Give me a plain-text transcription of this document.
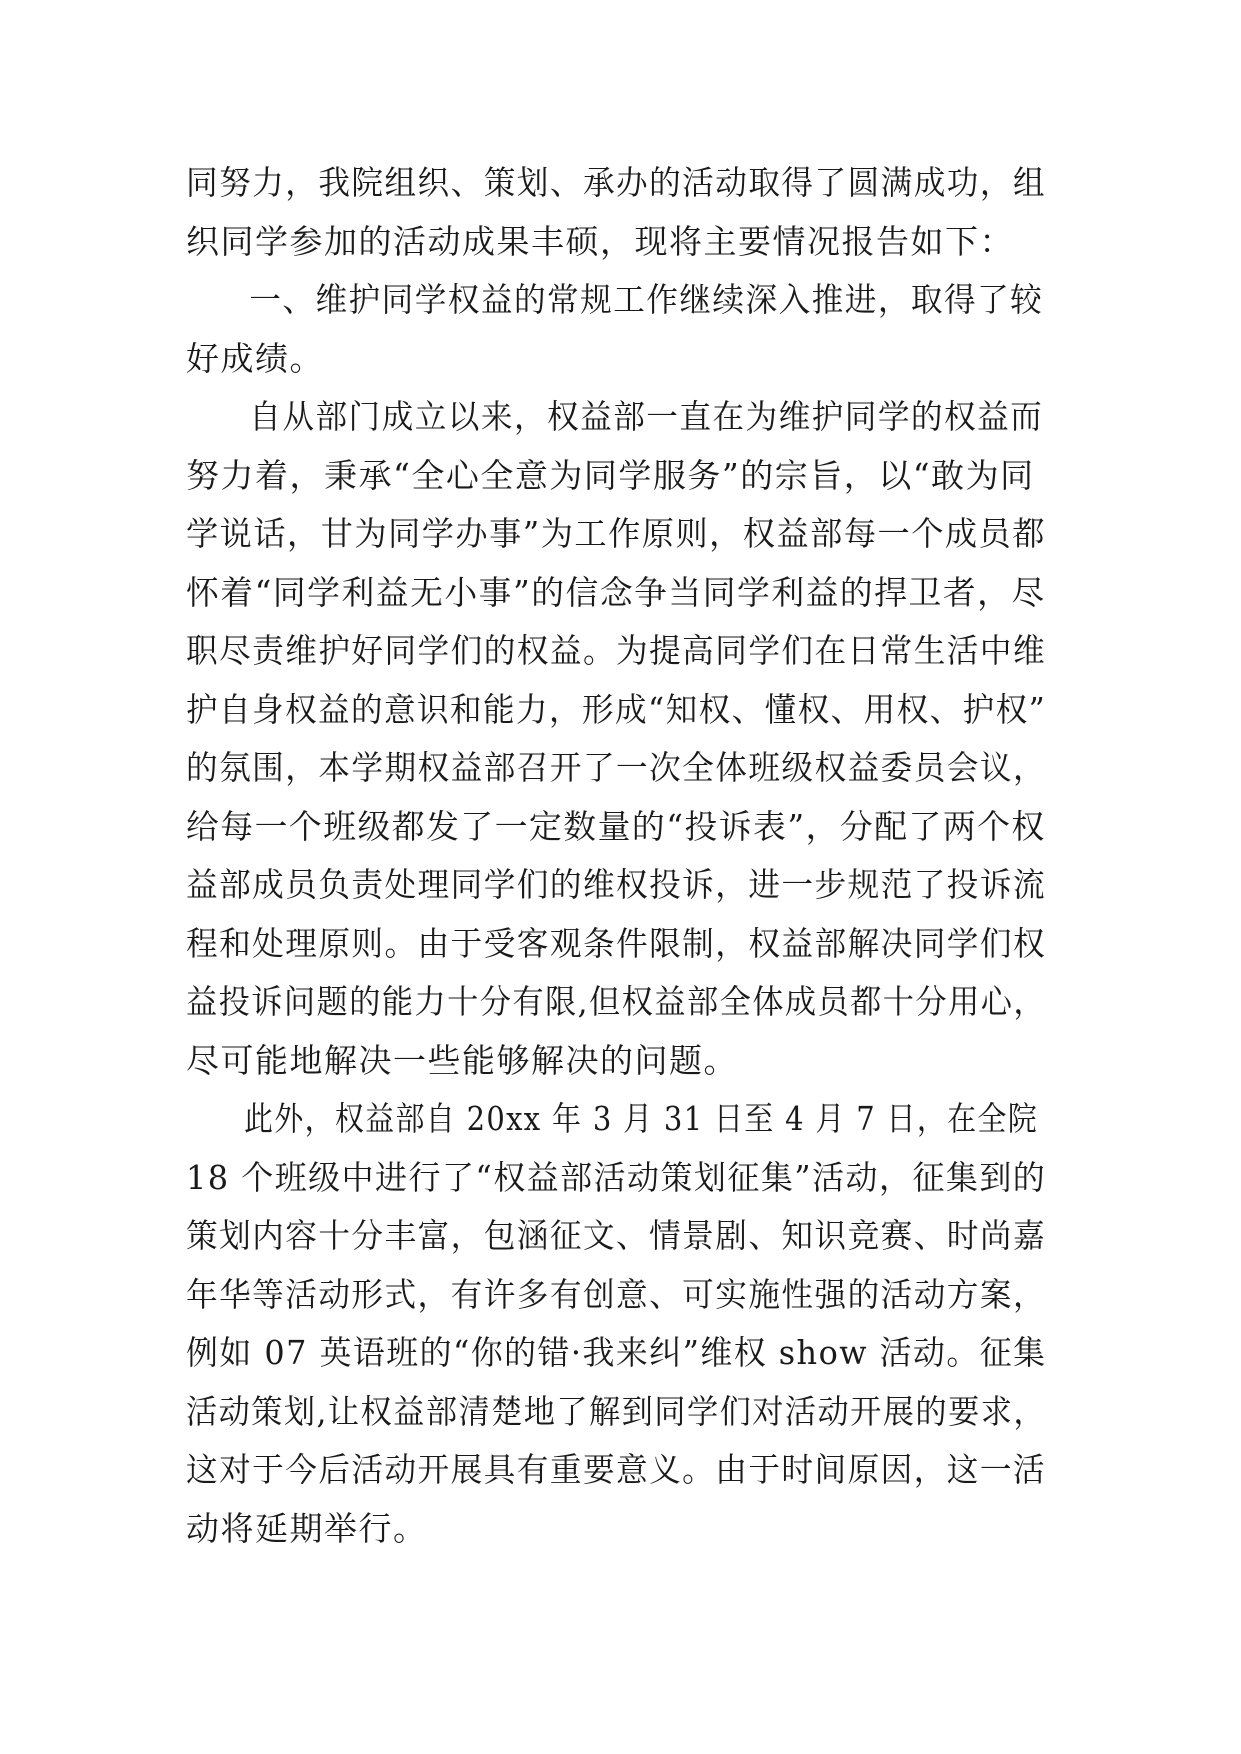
同努力，我院组织、策划、承办的活动取得了圆满成功，组
织同学参加的活动成果丰硕，现将主要情况报告如下：
一、维护同学权益的常规工作继续深入推进，取得了较
好成绩。
自从部门成立以来，权益部一直在为维护同学的权益而
努力着，秉承“全心全意为同学服务”的宗旨，以“敢为同
学说话，甘为同学办事”为工作原则，权益部每一个成员都
怀着“同学利益无小事”的信念争当同学利益的捍卫者，尽
职尽责维护好同学们的权益。为提高同学们在日常生活中维
护自身权益的意识和能力，形成“知权、懂权、用权、护权”
的氛围，本学期权益部召开了一次全体班级权益委员会议，
给每一个班级都发了一定数量的“投诉表”，分配了两个权
益部成员负责处理同学们的维权投诉，进一步规范了投诉流
程和处理原则。由于受客观条件限制，权益部解决同学们权
益投诉问题的能力十分有限,但权益部全体成员都十分用心，
尽可能地解决一些能够解决的问题。
此外，权益部自 20xx 年 3 月 31 日至 4 月 7 日，在全院
18 个班级中进行了“权益部活动策划征集”活动，征集到的
策划内容十分丰富，包涵征文、情景剧、知识竞赛、时尚嘉
年华等活动形式，有许多有创意、可实施性强的活动方案，
例如 07 英语班的“你的错·我来纠”维权 show 活动。征集
活动策划,让权益部清楚地了解到同学们对活动开展的要求，
这对于今后活动开展具有重要意义。由于时间原因，这一活
动将延期举行。
